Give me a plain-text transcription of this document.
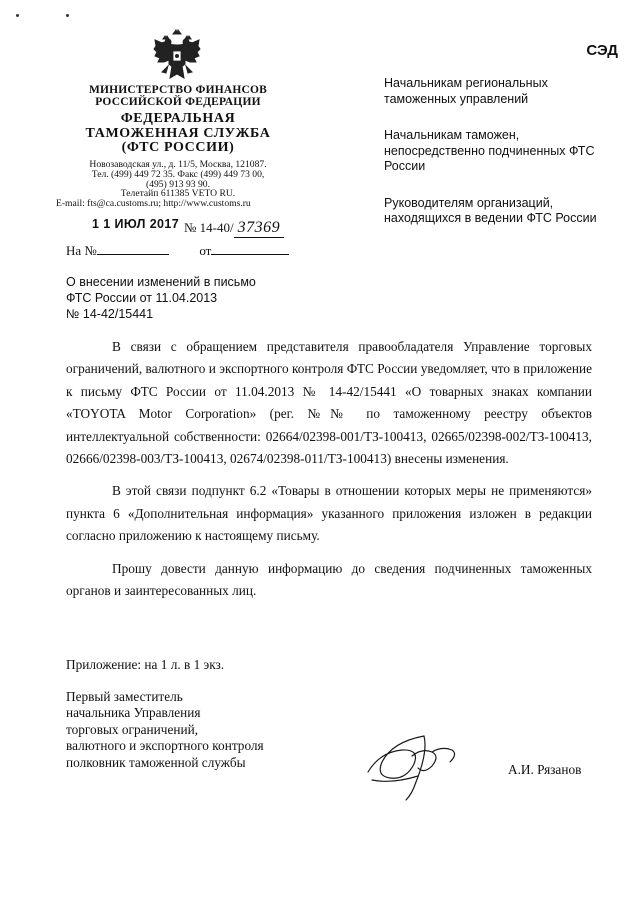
МИНИСТЕРСТВО ФИНАНСОВ
РОССИЙСКОЙ ФЕДЕРАЦИИ
ФЕДЕРАЛЬНАЯ
ТАМОЖЕННАЯ СЛУЖБА
(ФТС РОССИИ)
Новозаводская ул., д. 11/5, Москва, 121087.
Тел. (499) 449 72 35. Факс (499) 449 73 00,
(495) 913 93 90.
Телетайп 611385 VETO RU.
E-mail: fts@ca.customs.ru; http://www.customs.ru
1 1 ИЮЛ 2017 № 14-40/ 37369
На №	от
СЭД

Начальникам региональных таможенных управлений

Начальникам таможен, непосредственно подчиненных ФТС России

Руководителям организаций, находящихся в ведении ФТС России

О внесении изменений в письмо
ФТС России от 11.04.2013
№ 14-42/15441

В связи с обращением представителя правообладателя Управление торговых ограничений, валютного и экспортного контроля ФТС России уведомляет, что в приложение к письму ФТС России от 11.04.2013 № 14-42/15441 «О товарных знаках компании «TOYOTA Motor Corporation» (рег. №№ по таможенному реестру объектов интеллектуальной собственности: 02664/02398-001/ТЗ-100413, 02665/02398-002/ТЗ-100413, 02666/02398-003/ТЗ-100413, 02674/02398-011/ТЗ-100413) внесены изменения.

В этой связи подпункт 6.2 «Товары в отношении которых меры не применяются» пункта 6 «Дополнительная информация» указанного приложения изложен в редакции согласно приложению к настоящему письму.

Прошу довести данную информацию до сведения подчиненных таможенных органов и заинтересованных лиц.

Приложение: на 1 л. в 1 экз.
Первый заместитель
начальника Управления
торговых ограничений,
валютного и экспортного контроля
полковник таможенной службы	А.И. Рязанов
